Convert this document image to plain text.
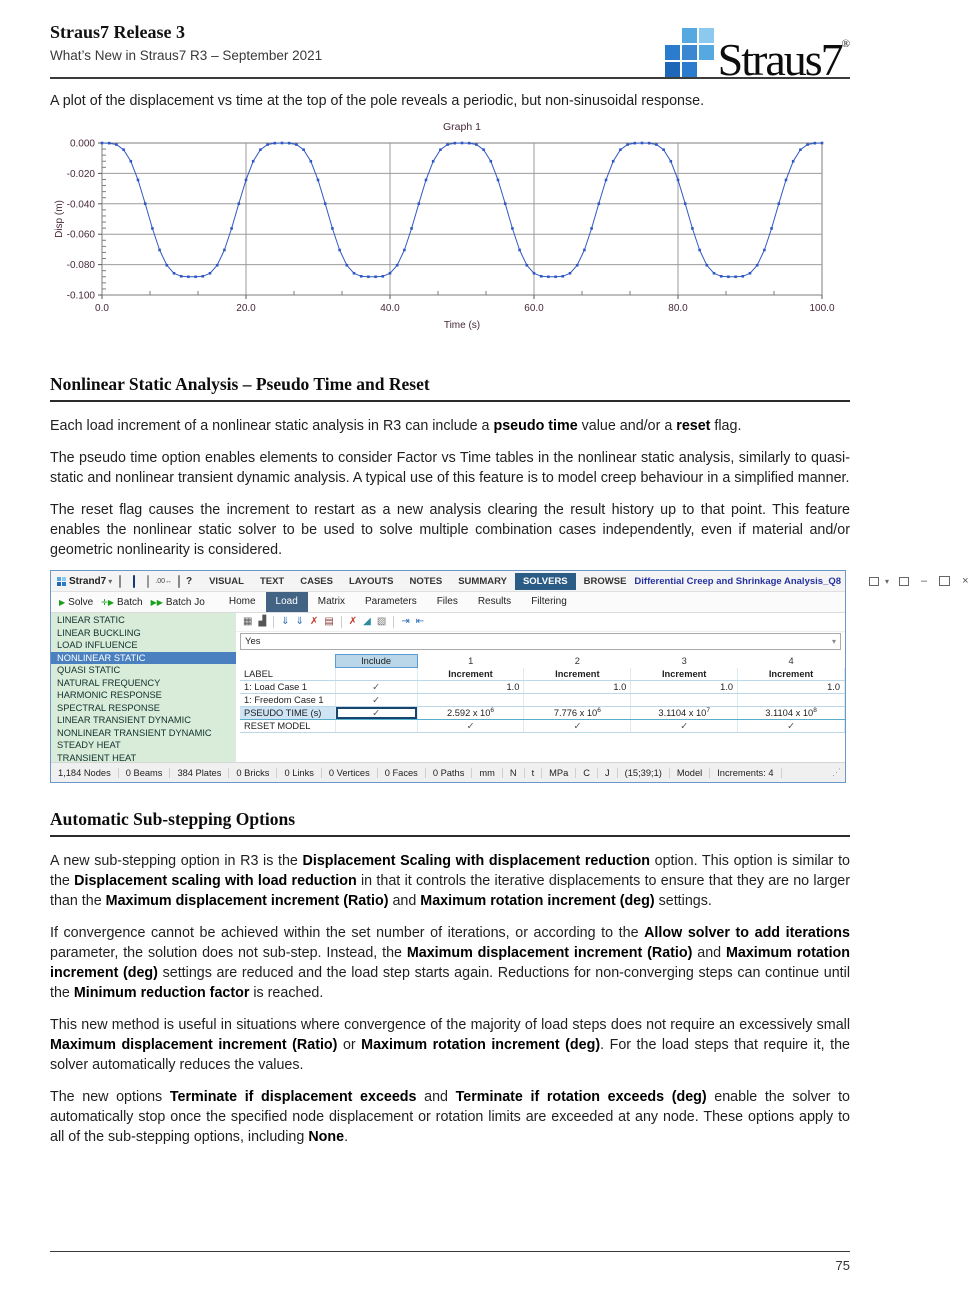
Straus7 Release 3
What’s New in Straus7 R3 – September 2021	Straus7®

A plot of the displacement vs time at the top of the pole reveals a periodic, but non-sinusoidal response.

Graph 1
0.0	20.0	40.0	60.0	80.0	100.0
0.000
-0.020
-0.040
-0.060
-0.080
-0.100
Time (s)
Disp (m)
Nonlinear Static Analysis – Pseudo Time and Reset

Each load increment of a nonlinear static analysis in R3 can include a pseudo time value and/or a reset flag.

The pseudo time option enables elements to consider Factor vs Time tables in the nonlinear static analysis, similarly to quasi-static and nonlinear transient dynamic analysis. A typical use of this feature is to model creep behaviour in a simplified manner.

The reset flag causes the increment to restart as a new analysis clearing the result history up to that point. This feature enables the nonlinear static solver to be used to solve multiple combination cases independently, even if material and/or geometric nonlinearity is considered.

Strand7 ▾	.00↔ ?	VISUAL	TEXT	CASES	LAYOUTS	NOTES	SUMMARY	SOLVERS	BROWSE Differential Creep and Shrinkage Analysis_Q8	▾	–	×
▶ Solve ✛▶ Batch ▶▶ Batch Jo	Home	Load	Matrix	Parameters	Files	Results	Filtering
LINEAR STATIC
LINEAR BUCKLING
LOAD INFLUENCE
NONLINEAR STATIC
QUASI STATIC
NATURAL FREQUENCY
HARMONIC RESPONSE
SPECTRAL RESPONSE
LINEAR TRANSIENT DYNAMIC
NONLINEAR TRANSIENT DYNAMIC
STEADY HEAT
TRANSIENT HEAT
▦ ▟ ⇓ ⇓ ✗ ▤ ✗ ◢ ▧ ⇥ ⇤
Yes	▾
	Include	1	2	3	4
LABEL		Increment	Increment	Increment	Increment
1: Load Case 1	✓	1.0	1.0	1.0	1.0
1: Freedom Case 1	✓				
PSEUDO TIME (s)	✓	2.592 x $10^6$	7.776 x $10^6$	3.1104 x $10^7$	3.1104 x $10^8$
RESET MODEL		✓	✓	✓	✓
1,184 Nodes	0 Beams	384 Plates	0 Bricks	0 Links	0 Vertices	0 Faces	0 Paths	mm	N	t	MPa	C	J	(15;39;1)	Model	Increments: 4	⋰
Automatic Sub-stepping Options

A new sub-stepping option in R3 is the Displacement Scaling with displacement reduction option. This option is similar to the Displacement scaling with load reduction in that it controls the iterative displacements to ensure that they are no larger than the Maximum displacement increment (Ratio) and Maximum rotation increment (deg) settings.

If convergence cannot be achieved within the set number of iterations, or according to the Allow solver to add iterations parameter, the solution does not sub-step. Instead, the Maximum displacement increment (Ratio) and Maximum rotation increment (deg) settings are reduced and the load step starts again. Reductions for non-converging steps can continue until the Minimum reduction factor is reached.

This new method is useful in situations where convergence of the majority of load steps does not require an excessively small Maximum displacement increment (Ratio) or Maximum rotation increment (deg). For the load steps that require it, the solver automatically reduces the values.

The new options Terminate if displacement exceeds and Terminate if rotation exceeds (deg) enable the solver to automatically stop once the specified node displacement or rotation limits are exceeded at any node. These options apply to all of the sub-stepping options, including None.

75
